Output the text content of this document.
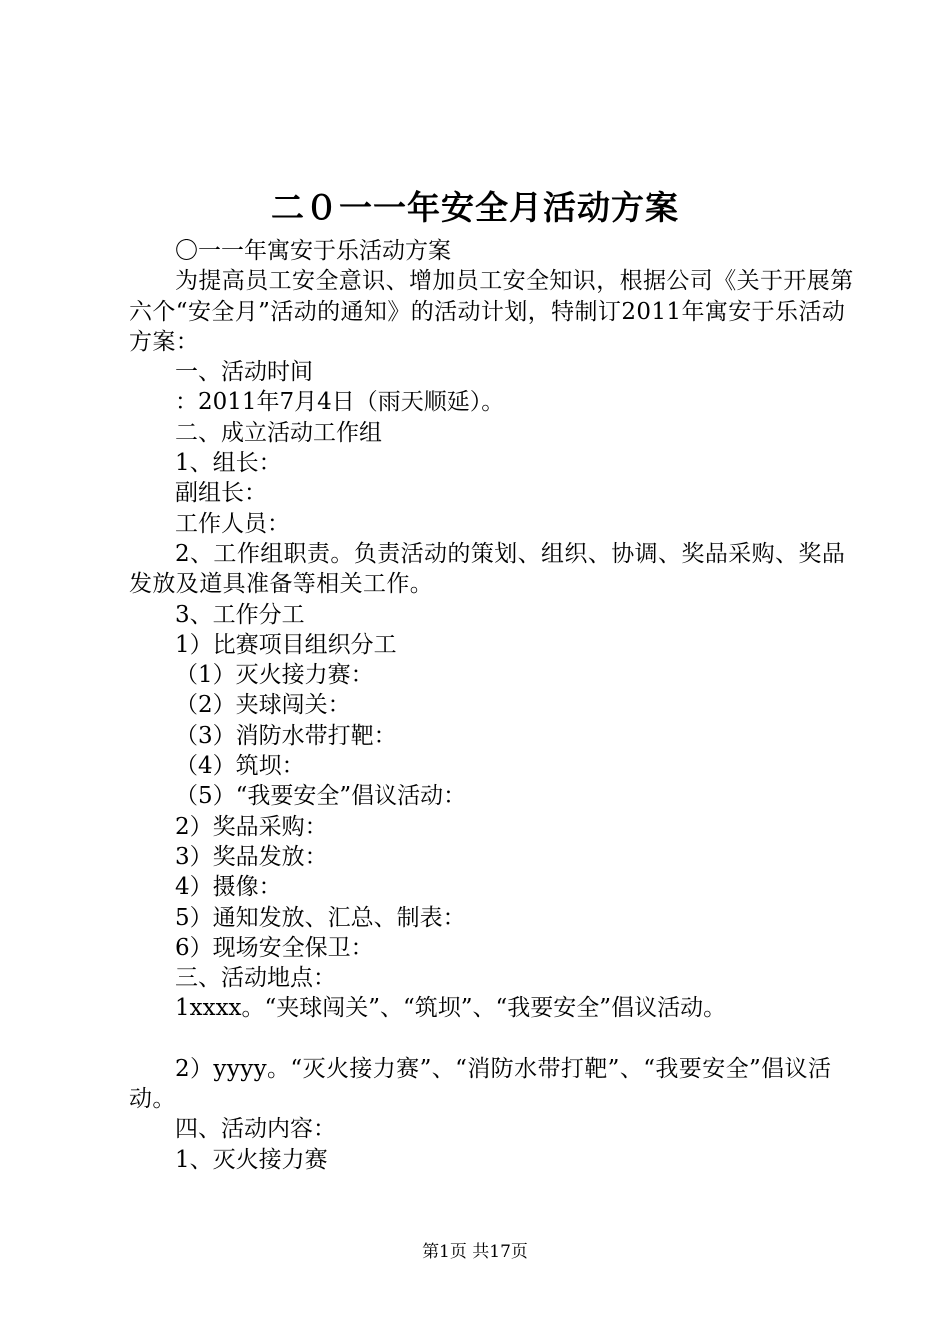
二０一一年安全月活动方案

〇一一年寓安于乐活动方案

为提高员工安全意识、增加员工安全知识，根据公司《关于开展第六个“安全月”活动的通知》的活动计划，特制订2011年寓安于乐活动方案：

一、活动时间

：2011年7月4日（雨天顺延）。

二、成立活动工作组

1、组长：

副组长：

工作人员：

2、工作组职责。负责活动的策划、组织、协调、奖品采购、奖品发放及道具准备等相关工作。

3、工作分工

1）比赛项目组织分工

（1）灭火接力赛：

（2）夹球闯关：

（3）消防水带打靶：

（4）筑坝：

（5）“我要安全”倡议活动：

2）奖品采购：

3）奖品发放：

4）摄像：

5）通知发放、汇总、制表：

6）现场安全保卫：

三、活动地点：

1xxxx。“夹球闯关”、“筑坝”、“我要安全”倡议活动。

2）yyyy。“灭火接力赛”、“消防水带打靶”、“我要安全”倡议活动。

四、活动内容：

1、灭火接力赛

第1页 共17页
